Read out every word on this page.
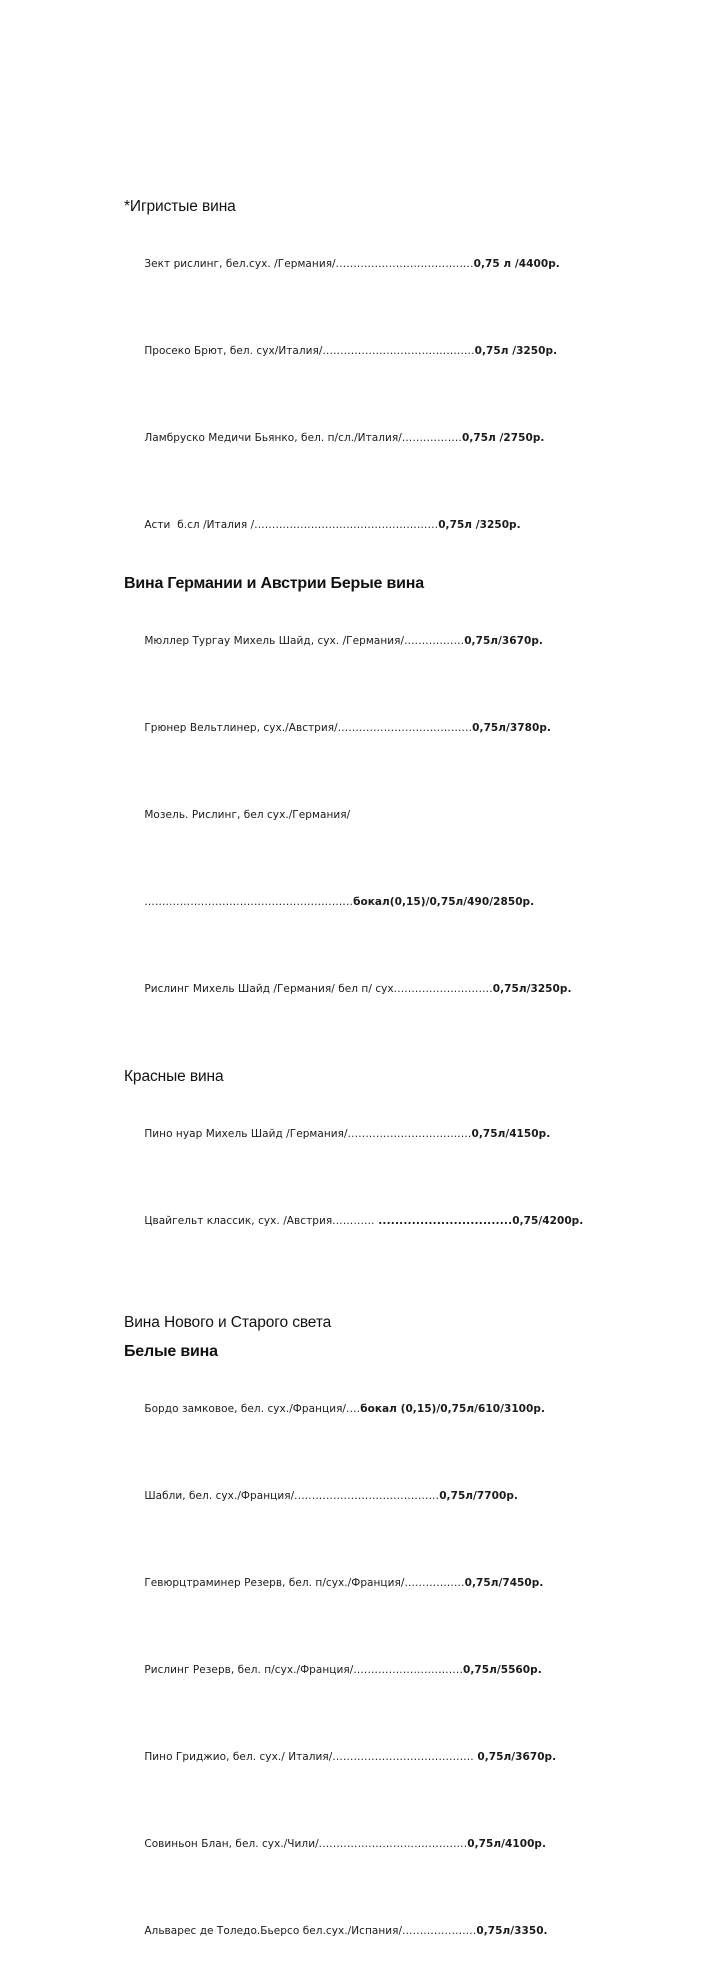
*Игристые вина

Зект рислинг, бел.сух. /Германия/.......................................0,75 л /4400р.

Просеко Брют, бел. сух/Италия/...........................................0,75л /3250р.

Ламбруско Медичи Бьянко, бел. п/сл./Италия/.................0,75л /2750р.

Асти  б.сл /Италия /....................................................0,75л /3250р.

Вина Германии и Австрии Берые вина

Мюллер Тургау Михель Шайд, сух. /Германия/.................0,75л/3670р.

Грюнер Вельтлинер, сух./Австрия/......................................0,75л/3780р.

Мозель. Рислинг, бел сух./Германия/

...........................................................бокал(0,15)/0,75л/490/2850р.

Рислинг Михель Шайд /Германия/ бел п/ сух............................0,75л/3250р.

Красные вина

Пино нуар Михель Шайд /Германия/...................................0,75л/4150р.

Цвайгельт классик, сух. /Австрия............ ................................0,75/4200р.

Вина Нового и Старого света
Белые вина

Бордо замковое, бел. сух./Франция/....бокал (0,15)/0,75л/610/3100р.

Шабли, бел. сух./Франция/.........................................0,75л/7700р.

Гевюрцтраминер Резерв, бел. п/сух./Франция/.................0,75л/7450р.

Рислинг Резерв, бел. п/сух./Франция/...............................0,75л/5560р.

Пино Гриджио, бел. сух./ Италия/........................................ 0,75л/3670р.

Совиньон Блан, бел. сух./Чили/..........................................0,75л/4100р.

Альварес де Толедо.Бьерсо бел.сух./Испания/.....................0,75л/3350.
